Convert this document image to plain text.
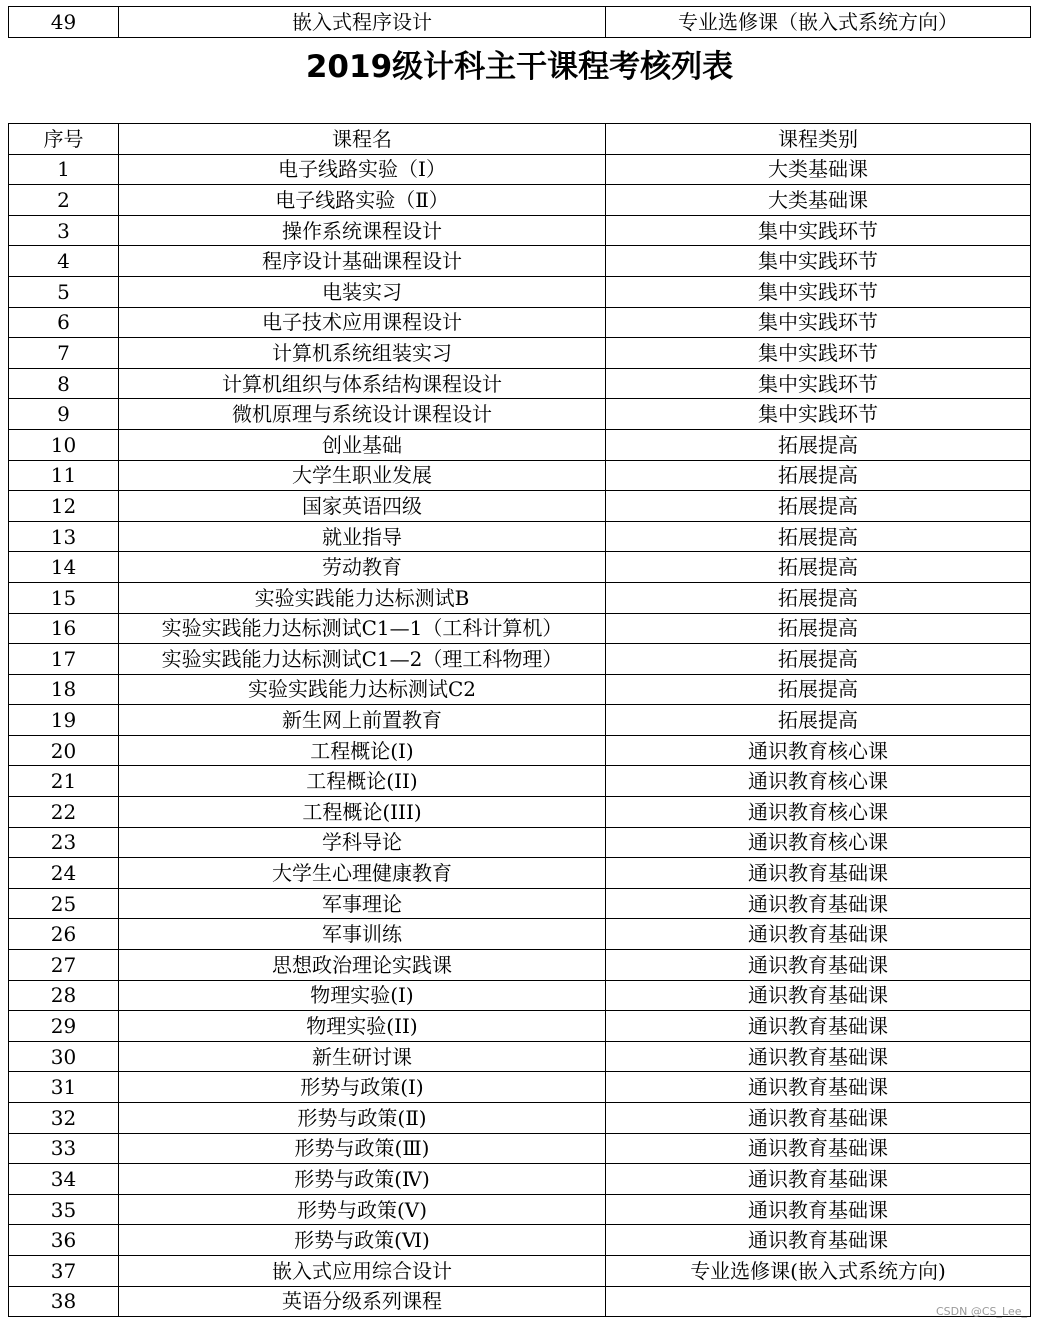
49	嵌入式程序设计	专业选修课（嵌入式系统方向）
2019级计科主干课程考核列表
序号	课程名	课程类别
1	电子线路实验（Ⅰ）	大类基础课
2	电子线路实验（Ⅱ）	大类基础课
3	操作系统课程设计	集中实践环节
4	程序设计基础课程设计	集中实践环节
5	电装实习	集中实践环节
6	电子技术应用课程设计	集中实践环节
7	计算机系统组装实习	集中实践环节
8	计算机组织与体系结构课程设计	集中实践环节
9	微机原理与系统设计课程设计	集中实践环节
10	创业基础	拓展提高
11	大学生职业发展	拓展提高
12	国家英语四级	拓展提高
13	就业指导	拓展提高
14	劳动教育	拓展提高
15	实验实践能力达标测试B	拓展提高
16	实验实践能力达标测试C1—1（工科计算机）	拓展提高
17	实验实践能力达标测试C1—2（理工科物理）	拓展提高
18	实验实践能力达标测试C2	拓展提高
19	新生网上前置教育	拓展提高
20	工程概论(I)	通识教育核心课
21	工程概论(II)	通识教育核心课
22	工程概论(III)	通识教育核心课
23	学科导论	通识教育核心课
24	大学生心理健康教育	通识教育基础课
25	军事理论	通识教育基础课
26	军事训练	通识教育基础课
27	思想政治理论实践课	通识教育基础课
28	物理实验(Ⅰ)	通识教育基础课
29	物理实验(II)	通识教育基础课
30	新生研讨课	通识教育基础课
31	形势与政策(Ⅰ)	通识教育基础课
32	形势与政策(Ⅱ)	通识教育基础课
33	形势与政策(Ⅲ)	通识教育基础课
34	形势与政策(Ⅳ)	通识教育基础课
35	形势与政策(Ⅴ)	通识教育基础课
36	形势与政策(Ⅵ)	通识教育基础课
37	嵌入式应用综合设计	专业选修课(嵌入式系统方向)
38	英语分级系列课程		CSDN @CS_Lee_
